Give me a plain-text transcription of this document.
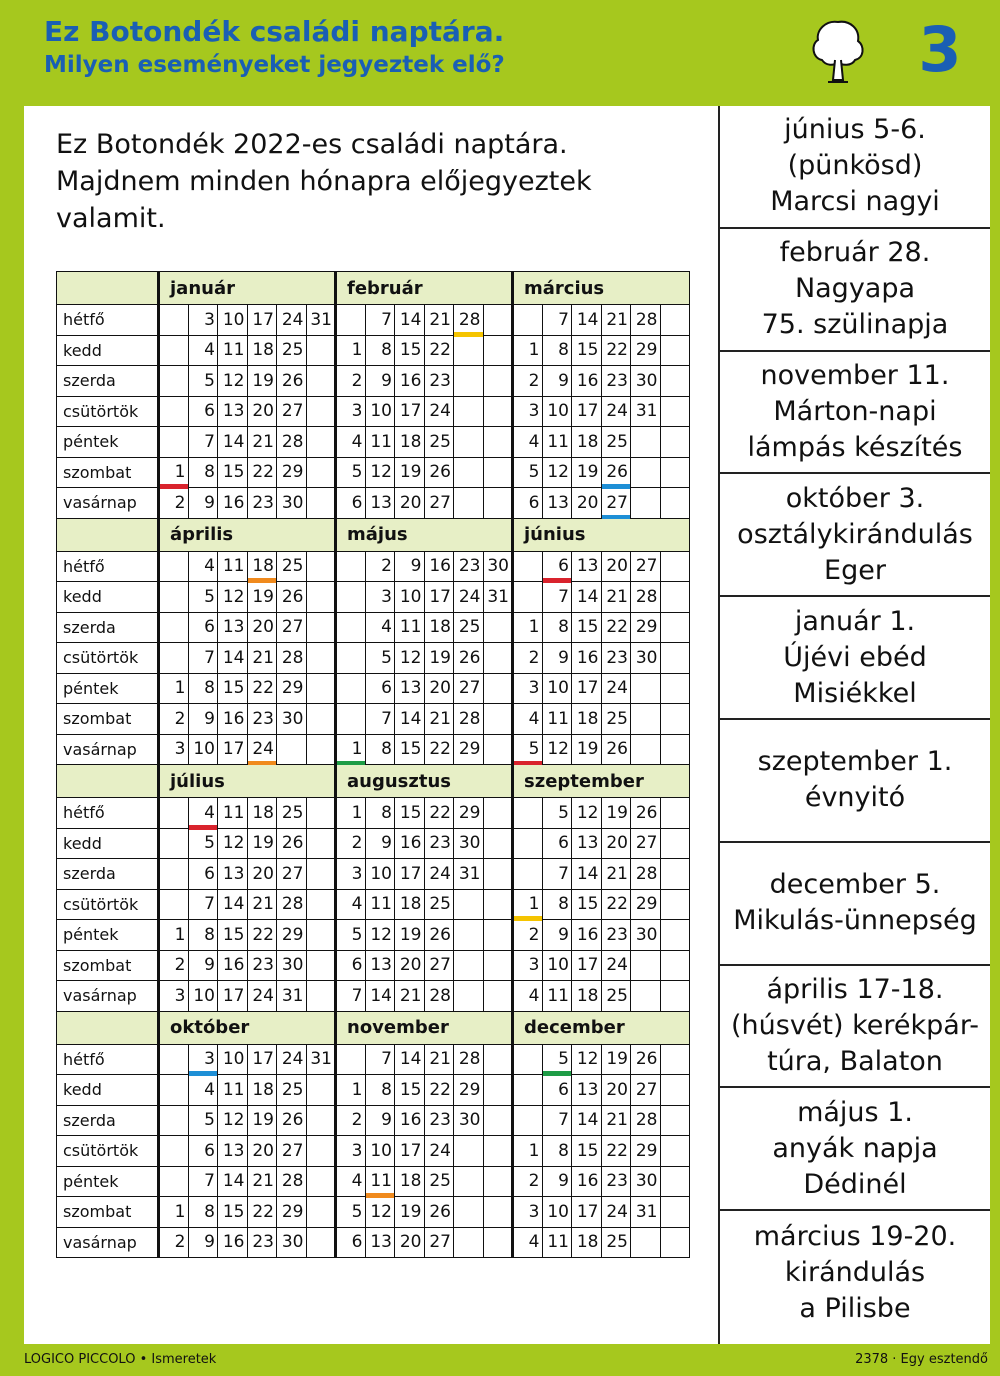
Ez Botondék családi naptára.
Milyen eseményeket jegyeztek elő?	3
Ez Botondék 2022-es családi naptára.
Majdnem minden hónapra előjegyeztek valamit.
	január						február						március					
hétfő		3	10	17	24	31		7	14	21	28			7	14	21	28	
kedd		4	11	18	25		1	8	15	22			1	8	15	22	29	
szerda		5	12	19	26		2	9	16	23			2	9	16	23	30	
csütörtök		6	13	20	27		3	10	17	24			3	10	17	24	31	
péntek		7	14	21	28		4	11	18	25			4	11	18	25		
szombat	1	8	15	22	29		5	12	19	26			5	12	19	26

vasárnap	2	9	16	23	30		6	13	20	27			6	13	20	27

	április						május						június					
hétfő		4	11	18	25			2	9	16	23	30		6	13	20	27	
kedd		5	12	19	26			3	10	17	24	31		7	14	21	28	
szerda		6	13	20	27			4	11	18	25		1	8	15	22	29	
csütörtök		7	14	21	28			5	12	19	26		2	9	16	23	30	
péntek	1	8	15	22	29			6	13	20	27		3	10	17	24		
szombat	2	9	16	23	30			7	14	21	28		4	11	18	25		
vasárnap	3	10	17	24			1	8	15	22	29		5	12	19	26		
	július						augusztus						szeptember					
hétfő		4	11	18	25		1	8	15	22	29			5	12	19	26	
kedd		5	12	19	26		2	9	16	23	30			6	13	20	27	
szerda		6	13	20	27		3	10	17	24	31			7	14	21	28	
csütörtök		7	14	21	28		4	11	18	25			1	8	15	22	29	
péntek	1	8	15	22	29		5	12	19	26			2	9	16	23	30	
szombat	2	9	16	23	30		6	13	20	27			3	10	17	24		
vasárnap	3	10	17	24	31		7	14	21	28			4	11	18	25		
	október						november						december					
hétfő		3	10	17	24	31		7	14	21	28			5	12	19	26	
kedd		4	11	18	25		1	8	15	22	29			6	13	20	27	
szerda		5	12	19	26		2	9	16	23	30			7	14	21	28	
csütörtök		6	13	20	27		3	10	17	24			1	8	15	22	29	
péntek		7	14	21	28		4	11	18	25			2	9	16	23	30	
szombat	1	8	15	22	29		5	12	19	26			3	10	17	24	31	
vasárnap	2	9	16	23	30		6	13	20	27			4	11	18	25		
június 5-6.
(pünkösd)
Marcsi nagyi
február 28.
Nagyapa
75. szülinapja
november 11.
Márton-napi
lámpás készítés
október 3.
osztálykirándulás
Eger
január 1.
Újévi ebéd
Misiékkel
szeptember 1.
évnyitó
december 5.
Mikulás-ünnepség
április 17-18.
(húsvét) kerékpár-
túra, Balaton
május 1.
anyák napja
Dédinél
március 19-20.
kirándulás
a Pilisbe
LOGICO PICCOLO • Ismeretek	2378 · Egy esztendő
